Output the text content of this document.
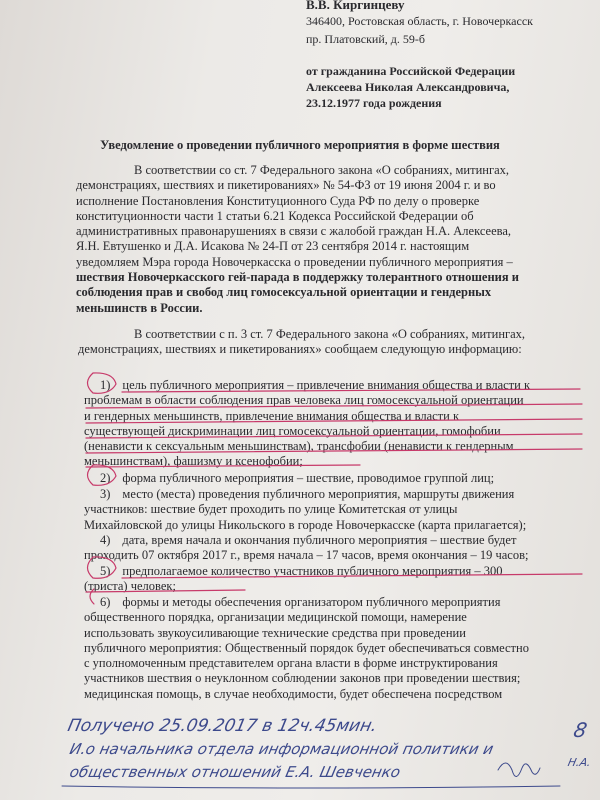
В.В. Киргинцеву
346400, Ростовская область, г. Новочеркасск
пр. Платовский, д. 59-б
от гражданина Российской Федерации
Алексеева Николая Александровича,
23.12.1977 года рождения
Уведомление о проведении публичного мероприятия в форме шествия
В соответствии со ст. 7 Федерального закона «О собраниях, митингах,
демонстрациях, шествиях и пикетированиях» № 54-ФЗ от 19 июня 2004 г. и во
исполнение Постановления Конституционного Суда РФ по делу о проверке
конституционности части 1 статьи 6.21 Кодекса Российской Федерации об
административных правонарушениях в связи с жалобой граждан Н.А. Алексеева,
Я.Н. Евтушенко и Д.А. Исакова № 24-П от 23 сентября 2014 г. настоящим
уведомляем Мэра города Новочеркасска о проведении публичного мероприятия –
шествия Новочеркасского гей-парада в поддержку толерантного отношения и
соблюдения прав и свобод лиц гомосексуальной ориентации и гендерных
меньшинств в России.
В соответствии с п. 3 ст. 7 Федерального закона «О собраниях, митингах,
демонстрациях, шествиях и пикетированиях» сообщаем следующую информацию:
1) цель публичного мероприятия – привлечение внимания общества и власти к
проблемам в области соблюдения прав человека лиц гомосексуальной ориентации
и гендерных меньшинств, привлечение внимания общества и власти к
существующей дискриминации лиц гомосексуальной ориентации, гомофобии
(ненависти к сексуальным меньшинствам), трансфобии (ненависти к гендерным
меньшинствам), фашизму и ксенофобии;
2) форма публичного мероприятия – шествие, проводимое группой лиц;
3) место (места) проведения публичного мероприятия, маршруты движения
участников: шествие будет проходить по улице Комитетская от улицы
Михайловской до улицы Никольского в городе Новочеркасске (карта прилагается);
4) дата, время начала и окончания публичного мероприятия – шествие будет
проходить 07 октября 2017 г., время начала – 17 часов, время окончания – 19 часов;
5) предполагаемое количество участников публичного мероприятия – 300
(триста) человек;
6) формы и методы обеспечения организатором публичного мероприятия
общественного порядка, организации медицинской помощи, намерение
использовать звукоусиливающие технические средства при проведении
публичного мероприятия: Общественный порядок будет обеспечиваться совместно
с уполномоченным представителем органа власти в форме инструктирования
участников шествия о неуклонном соблюдении законов при проведении шествия;
медицинская помощь, в случае необходимости, будет обеспечена посредством
Получено 25.09.2017 в 12ч.45мин.
И.о начальника отдела информационной политики и
общественных отношений Е.А. Шевченко
8
Н.А.
